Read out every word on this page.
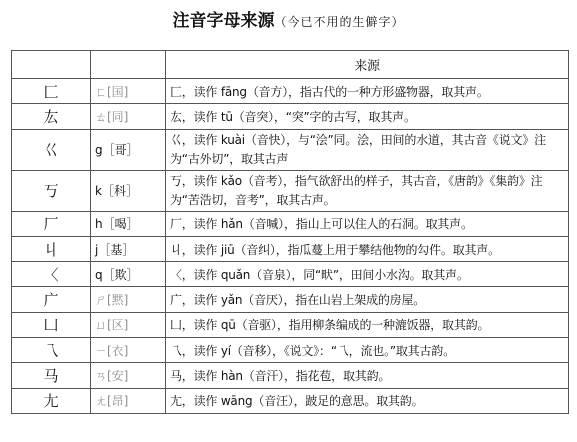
注音字母来源（今已不用的生僻字）

		来源

匚	ㄈ[国]	匚，读作 fāng（音方），指古代的一种方形盛物器，取其声。
厷	ㄊ[同]	厷，读作 tū（音突），“突”字的古写，取其声。
巜	g［哥］	巜，读作 kuài（音快），与“浍”同。浍，田间的水道，其古音《说文》注为“古外切”，取其古声
丂	k［科］	丂，读作 kǎo（音考），指气欲舒出的样子，其古音，《唐韵》《集韵》注为“苦浩切，音考”，取其古声。
厂	h［喝］	厂，读作 hǎn（音喊），指山上可以住人的石洞。取其声。
丩	j［基］	丩，读作 jiū（音纠），指瓜蔓上用于攀结他物的勾件。取其声。
〈	q［欺］	〈，读作 quǎn（音泉），同“畎”，田间小水沟。取其声。
广	ㄕ[黙]	广，读作 yǎn（音厌），指在山岩上架成的房屋。
凵	ㄩ[区]	凵，读作 qū（音驱），指用柳条编成的一种漉饭器，取其韵。
乁	ㄧ[衣]	乁，读作 yí（音移），《说文》：“乁，流也。”取其古韵。
马	ㄢ[安]	马，读作 hàn（音汗），指花苞，取其韵。
尢	ㄤ[昂]	尢，读作 wāng（音汪），跛足的意思。取其韵。
